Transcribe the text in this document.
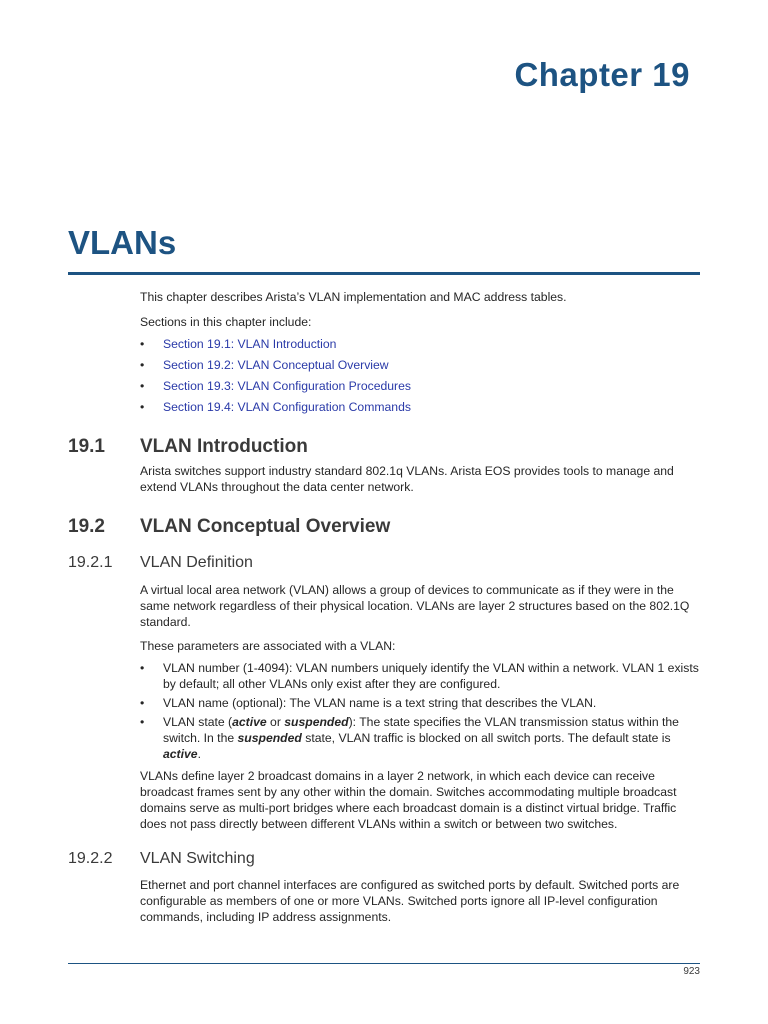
Chapter 19
VLANs

This chapter describes Arista’s VLAN implementation and MAC address tables.

Sections in this chapter include:

• Section 19.1: VLAN Introduction
• Section 19.2: VLAN Conceptual Overview
• Section 19.3: VLAN Configuration Procedures
• Section 19.4: VLAN Configuration Commands
19.1 VLAN Introduction

Arista switches support industry standard 802.1q VLANs. Arista EOS provides tools to manage and extend VLANs throughout the data center network.

19.2 VLAN Conceptual Overview
19.2.1 VLAN Definition

A virtual local area network (VLAN) allows a group of devices to communicate as if they were in the same network regardless of their physical location. VLANs are layer 2 structures based on the 802.1Q standard.

These parameters are associated with a VLAN:

• VLAN number (1-4094): VLAN numbers uniquely identify the VLAN within a network. VLAN 1 exists by default; all other VLANs only exist after they are configured.
• VLAN name (optional): The VLAN name is a text string that describes the VLAN.
• VLAN state (active or suspended): The state specifies the VLAN transmission status within the switch. In the suspended state, VLAN traffic is blocked on all switch ports. The default state is active.

VLANs define layer 2 broadcast domains in a layer 2 network, in which each device can receive broadcast frames sent by any other within the domain. Switches accommodating multiple broadcast domains serve as multi-port bridges where each broadcast domain is a distinct virtual bridge. Traffic does not pass directly between different VLANs within a switch or between two switches.

19.2.2 VLAN Switching

Ethernet and port channel interfaces are configured as switched ports by default. Switched ports are configurable as members of one or more VLANs. Switched ports ignore all IP-level configuration commands, including IP address assignments.

923
